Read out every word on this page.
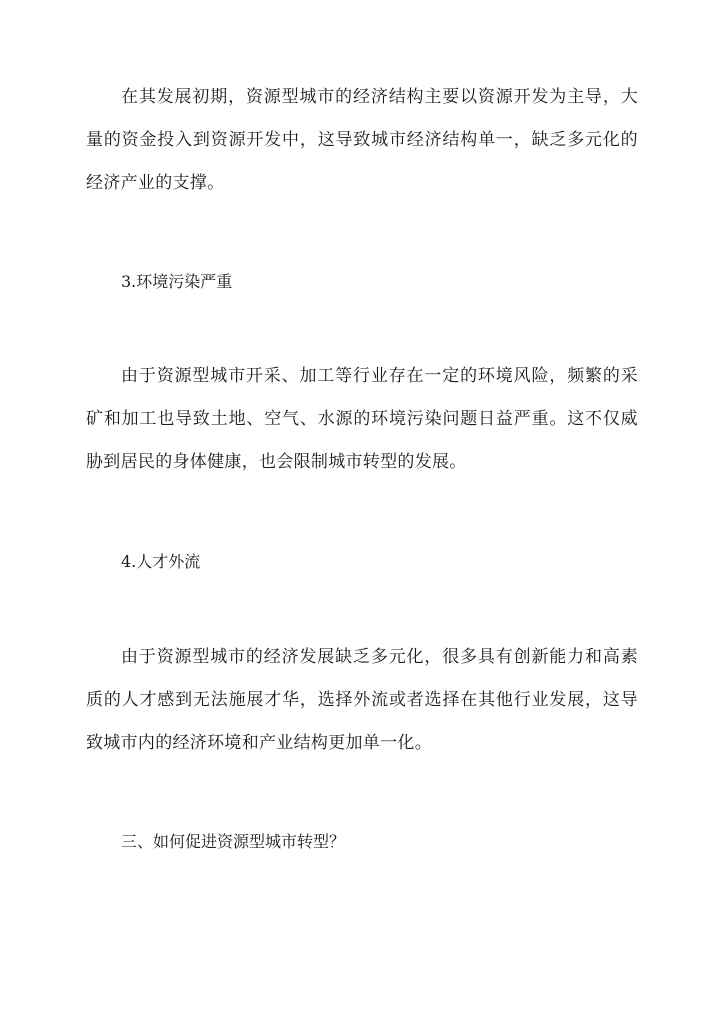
在其发展初期，资源型城市的经济结构主要以资源开发为主导，大量的资金投入到资源开发中，这导致城市经济结构单一，缺乏多元化的经济产业的支撑。

3.环境污染严重

由于资源型城市开采、加工等行业存在一定的环境风险，频繁的采矿和加工也导致土地、空气、水源的环境污染问题日益严重。这不仅威胁到居民的身体健康，也会限制城市转型的发展。

4.人才外流

由于资源型城市的经济发展缺乏多元化，很多具有创新能力和高素质的人才感到无法施展才华，选择外流或者选择在其他行业发展，这导致城市内的经济环境和产业结构更加单一化。

三、如何促进资源型城市转型？
